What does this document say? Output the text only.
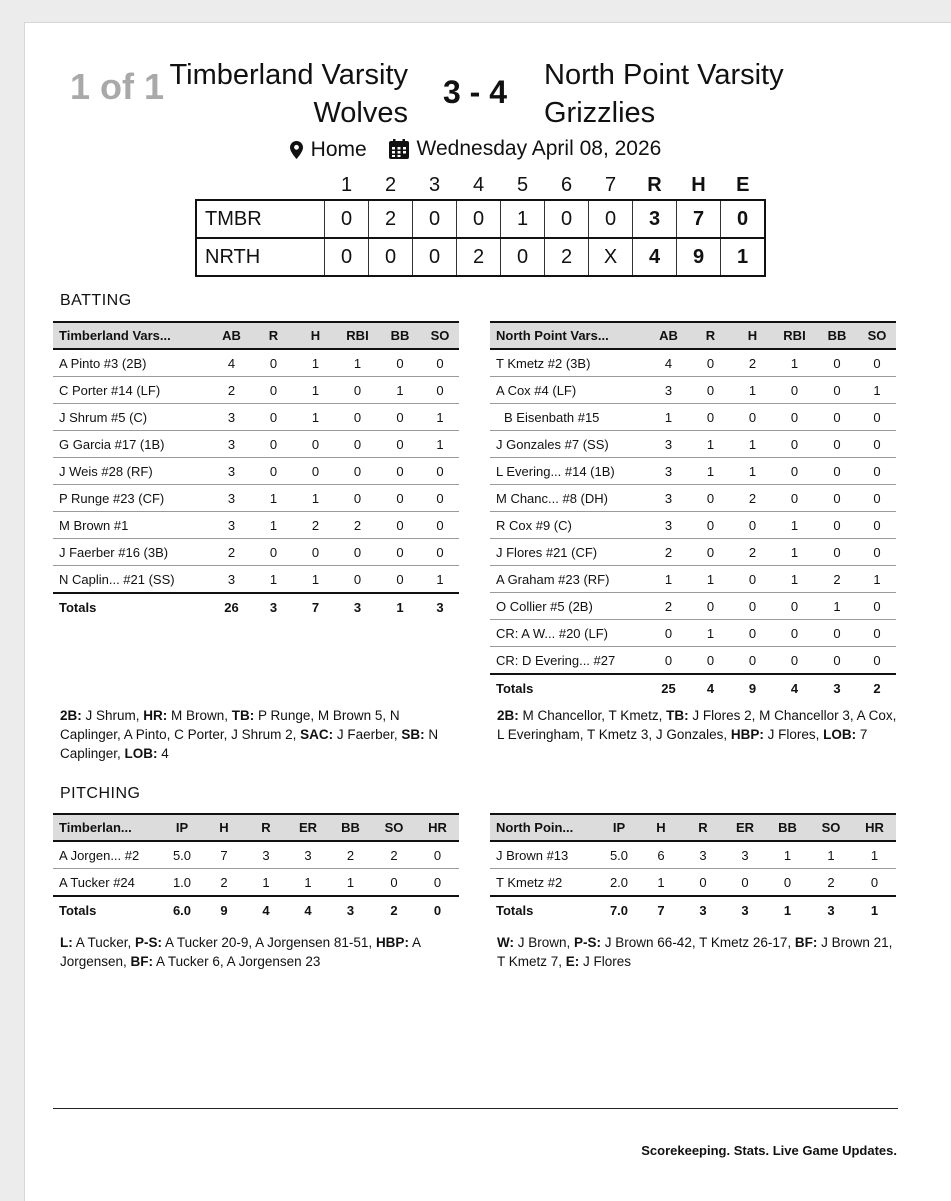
1 of 1 Timberland Varsity
Wolves
3 - 4	North Point Varsity
Grizzlies
Home
Wednesday April 08, 2026
	1	2	3	4	5	6	7	R	H	E
TMBR	0	2	0	0	1	0	0	3	7	0
NRTH	0	0	0	2	0	2	X	4	9	1
BATTING
Timberland Vars...	AB	R	H	RBI	BB	SO
A Pinto #3 (2B)	4	0	1	1	0	0
C Porter #14 (LF)	2	0	1	0	1	0
J Shrum #5 (C)	3	0	1	0	0	1
G Garcia #17 (1B)	3	0	0	0	0	1
J Weis #28 (RF)	3	0	0	0	0	0
P Runge #23 (CF)	3	1	1	0	0	0
M Brown #1	3	1	2	2	0	0
J Faerber #16 (3B)	2	0	0	0	0	0
N Caplin... #21 (SS)	3	1	1	0	0	1
Totals	26	3	7	3	1	3
North Point Vars...	AB	R	H	RBI	BB	SO
T Kmetz #2 (3B)	4	0	2	1	0	0
A Cox #4 (LF)	3	0	1	0	0	1
B Eisenbath #15	1	0	0	0	0	0
J Gonzales #7 (SS)	3	1	1	0	0	0
L Evering... #14 (1B)	3	1	1	0	0	0
M Chanc... #8 (DH)	3	0	2	0	0	0
R Cox #9 (C)	3	0	0	1	0	0
J Flores #21 (CF)	2	0	2	1	0	0
A Graham #23 (RF)	1	1	0	1	2	1
O Collier #5 (2B)	2	0	0	0	1	0
CR: A W... #20 (LF)	0	1	0	0	0	0
CR: D Evering... #27	0	0	0	0	0	0
Totals	25	4	9	4	3	2
2B: J Shrum, HR: M Brown, TB: P Runge, M Brown 5, N Caplinger, A Pinto, C Porter, J Shrum 2, SAC: J Faerber, SB: N Caplinger, LOB: 4
2B: M Chancellor, T Kmetz, TB: J Flores 2, M Chancellor 3, A Cox, L Everingham, T Kmetz 3, J Gonzales, HBP: J Flores, LOB: 7
PITCHING
Timberlan...	IP	H	R	ER	BB	SO	HR
A Jorgen... #2	5.0	7	3	3	2	2	0
A Tucker #24	1.0	2	1	1	1	0	0
Totals	6.0	9	4	4	3	2	0
North Poin...	IP	H	R	ER	BB	SO	HR
J Brown #13	5.0	6	3	3	1	1	1
T Kmetz #2	2.0	1	0	0	0	2	0
Totals	7.0	7	3	3	1	3	1
L: A Tucker, P-S: A Tucker 20-9, A Jorgensen 81-51, HBP: A Jorgensen, BF: A Tucker 6, A Jorgensen 23
W: J Brown, P-S: J Brown 66-42, T Kmetz 26-17, BF: J Brown 21, T Kmetz 7, E: J Flores
Scorekeeping. Stats. Live Game Updates.
